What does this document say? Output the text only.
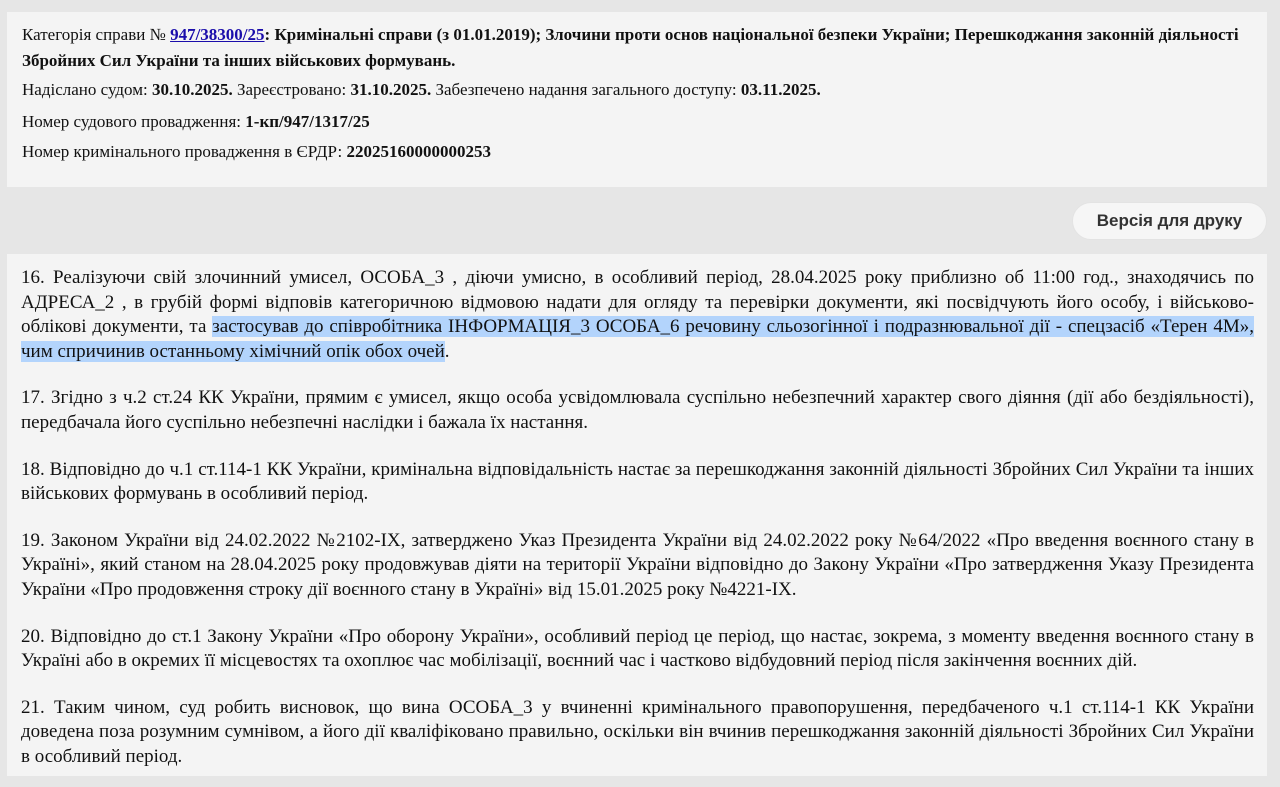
Категорія справи № 947/38300/25: Кримінальні справи (з 01.01.2019); Злочини проти основ національної безпеки України; Перешкоджання законній діяльності Збройних Сил України та інших військових формувань.

Надіслано судом: 30.10.2025. Зареєстровано: 31.10.2025. Забезпечено надання загального доступу: 03.11.2025.

Номер судового провадження: 1-кп/947/1317/25

Номер кримінального провадження в ЄРДР: 22025160000000253

Версія для друку

16. Реалізуючи свій злочинний умисел, ОСОБА_3 , діючи умисно, в особливий період, 28.04.2025 року приблизно об 11:00 год., знаходячись по АДРЕСА_2 , в грубій формі відповів категоричною відмовою надати для огляду та перевірки документи, які посвідчують його особу, і військово-облікові документи, та застосував до співробітника ІНФОРМАЦІЯ_3 ОСОБА_6 речовину сльозогінної і подразнювальної дії - спецзасіб «Терен 4М», чим спричинив останньому хімічний опік обох очей.

17. Згідно з ч.2 ст.24 КК України, прямим є умисел, якщо особа усвідомлювала суспільно небезпечний характер свого діяння (дії або бездіяльності), передбачала його суспільно небезпечні наслідки і бажала їх настання.

18. Відповідно до ч.1 ст.114-1 КК України, кримінальна відповідальність настає за перешкоджання законній діяльності Збройних Сил України та інших військових формувань в особливий період.

19. Законом України від 24.02.2022 №2102-IX, затверджено Указ Президента України від 24.02.2022 року №64/2022 «Про введення воєнного стану в Україні», який станом на 28.04.2025 року продовжував діяти на території України відповідно до Закону України «Про затвердження Указу Президента України «Про продовження строку дії воєнного стану в Україні» від 15.01.2025 року №4221-IX.

20. Відповідно до ст.1 Закону України «Про оборону України», особливий період це період, що настає, зокрема, з моменту введення воєнного стану в Україні або в окремих її місцевостях та охоплює час мобілізації, воєнний час і частково відбудовний період після закінчення воєнних дій.

21. Таким чином, суд робить висновок, що вина ОСОБА_3 у вчиненні кримінального правопорушення, передбаченого ч.1 ст.114-1 КК України доведена поза розумним сумнівом, а його дії кваліфіковано правильно, оскільки він вчинив перешкоджання законній діяльності Збройних Сил України в особливий період.
